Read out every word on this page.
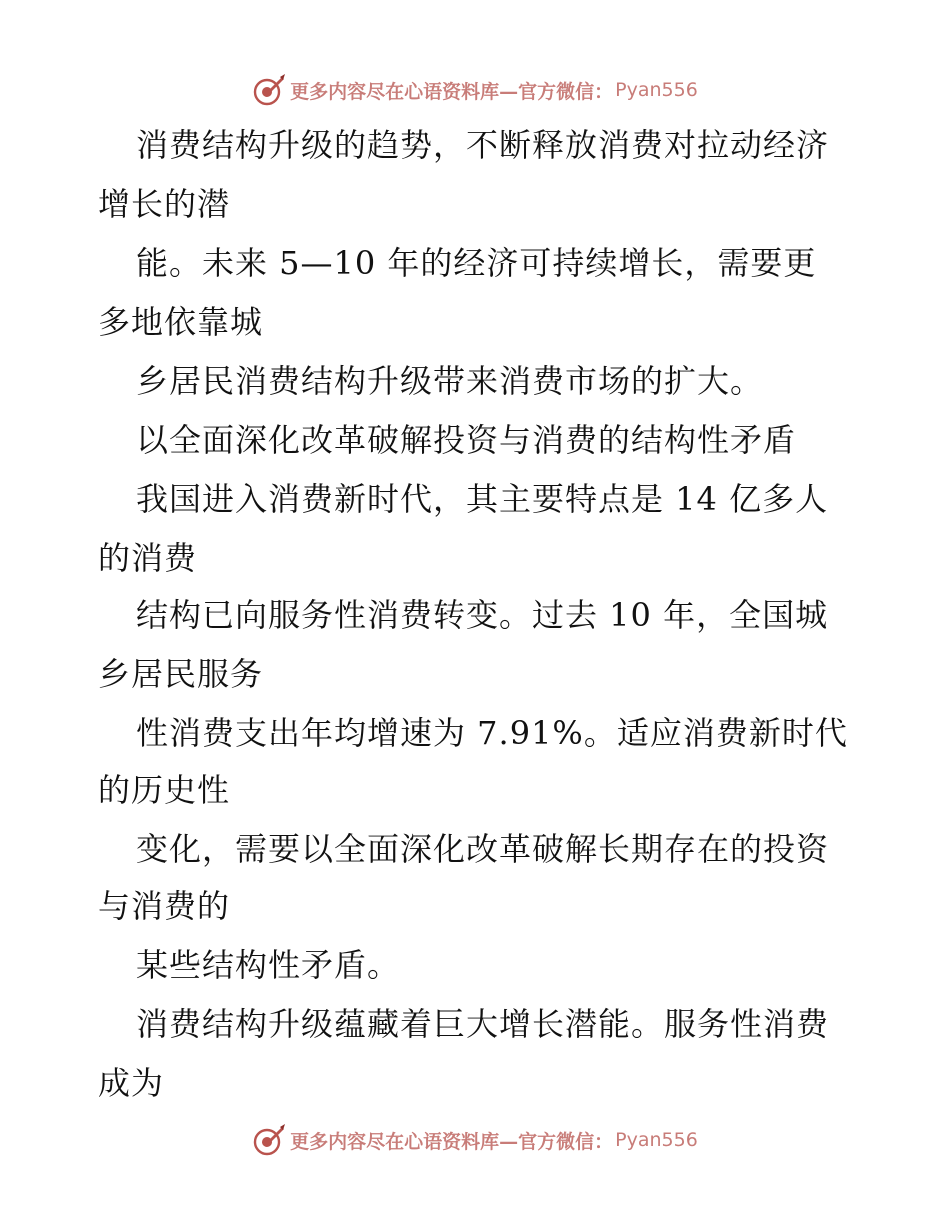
更多内容尽在心语资料库—官方微信： Pyan556
消费结构升级的趋势，不断释放消费对拉动经济
增长的潜
能。未来 5—10 年的经济可持续增长，需要更
多地依靠城
乡居民消费结构升级带来消费市场的扩大。
以全面深化改革破解投资与消费的结构性矛盾
我国进入消费新时代，其主要特点是 14 亿多人
的消费
结构已向服务性消费转变。过去 10 年，全国城
乡居民服务
性消费支出年均增速为 7.91%。适应消费新时代
的历史性
变化，需要以全面深化改革破解长期存在的投资
与消费的
某些结构性矛盾。
消费结构升级蕴藏着巨大增长潜能。服务性消费
成为
更多内容尽在心语资料库—官方微信： Pyan556
